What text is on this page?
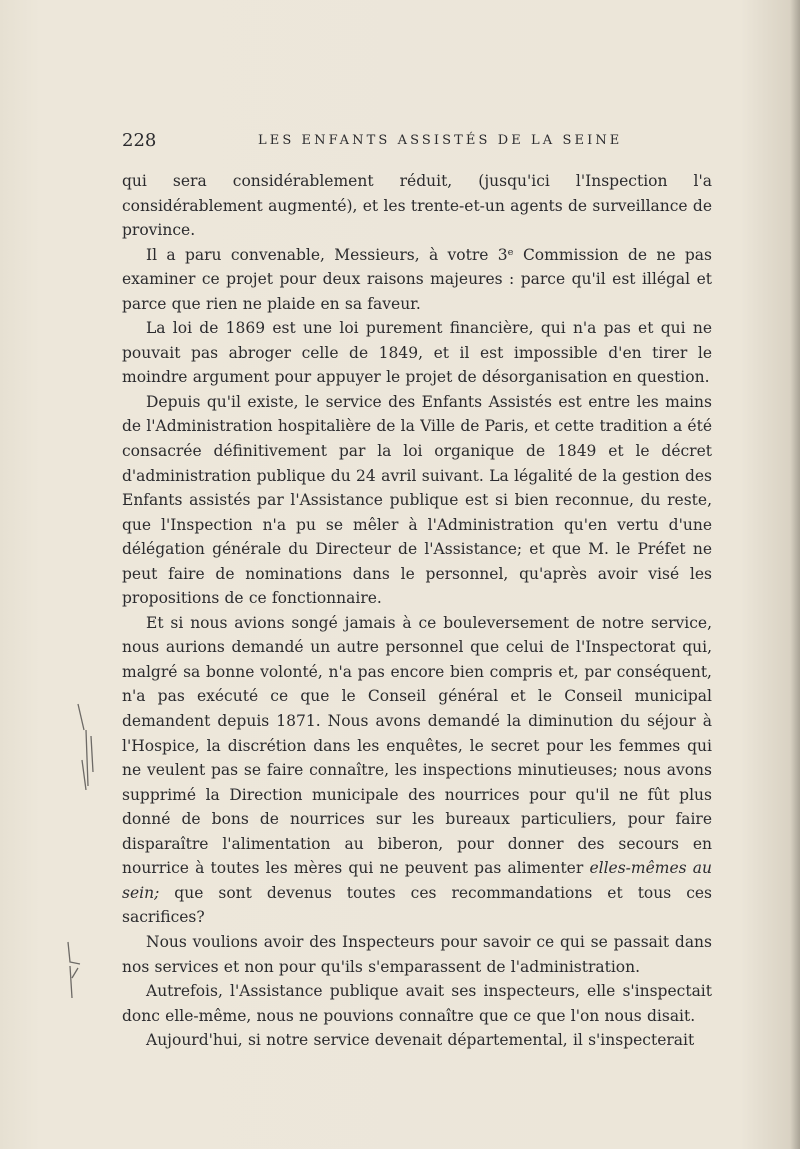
228	LES ENFANTS ASSISTÉS DE LA SEINE

qui sera considérablement réduit, (jusqu'ici l'Inspection l'a considérablement augmenté), et les trente-et-un agents de surveillance de province.

Il a paru convenable, Messieurs, à votre 3ᵉ Commission de ne pas examiner ce projet pour deux raisons majeures : parce qu'il est illégal et parce que rien ne plaide en sa faveur.

La loi de 1869 est une loi purement financière, qui n'a pas et qui ne pouvait pas abroger celle de 1849, et il est impossible d'en tirer le moindre argument pour appuyer le projet de désorganisation en question.

Depuis qu'il existe, le service des Enfants Assistés est entre les mains de l'Administration hospitalière de la Ville de Paris, et cette tradition a été consacrée définitivement par la loi organique de 1849 et le décret d'administration publique du 24 avril suivant. La légalité de la gestion des Enfants assistés par l'Assistance publique est si bien reconnue, du reste, que l'Inspection n'a pu se mêler à l'Administration qu'en vertu d'une délégation générale du Directeur de l'Assistance; et que M. le Préfet ne peut faire de nominations dans le personnel, qu'après avoir visé les propositions de ce fonctionnaire.

Et si nous avions songé jamais à ce bouleversement de notre service, nous aurions demandé un autre personnel que celui de l'Inspectorat qui, malgré sa bonne volonté, n'a pas encore bien compris et, par conséquent, n'a pas exécuté ce que le Conseil général et le Conseil municipal demandent depuis 1871. Nous avons demandé la diminution du séjour à l'Hospice, la discrétion dans les enquêtes, le secret pour les femmes qui ne veulent pas se faire connaître, les inspections minutieuses; nous avons supprimé la Direction municipale des nourrices pour qu'il ne fût plus donné de bons de nourrices sur les bureaux particuliers, pour faire disparaître l'alimentation au biberon, pour donner des secours en nourrice à toutes les mères qui ne peuvent pas alimenter elles-mêmes au sein; que sont devenus toutes ces recommandations et tous ces sacrifices?

Nous voulions avoir des Inspecteurs pour savoir ce qui se passait dans nos services et non pour qu'ils s'emparassent de l'administration.

Autrefois, l'Assistance publique avait ses inspecteurs, elle s'inspectait donc elle-même, nous ne pouvions connaître que ce que l'on nous disait.

Aujourd'hui, si notre service devenait départemental, il s'inspecterait
